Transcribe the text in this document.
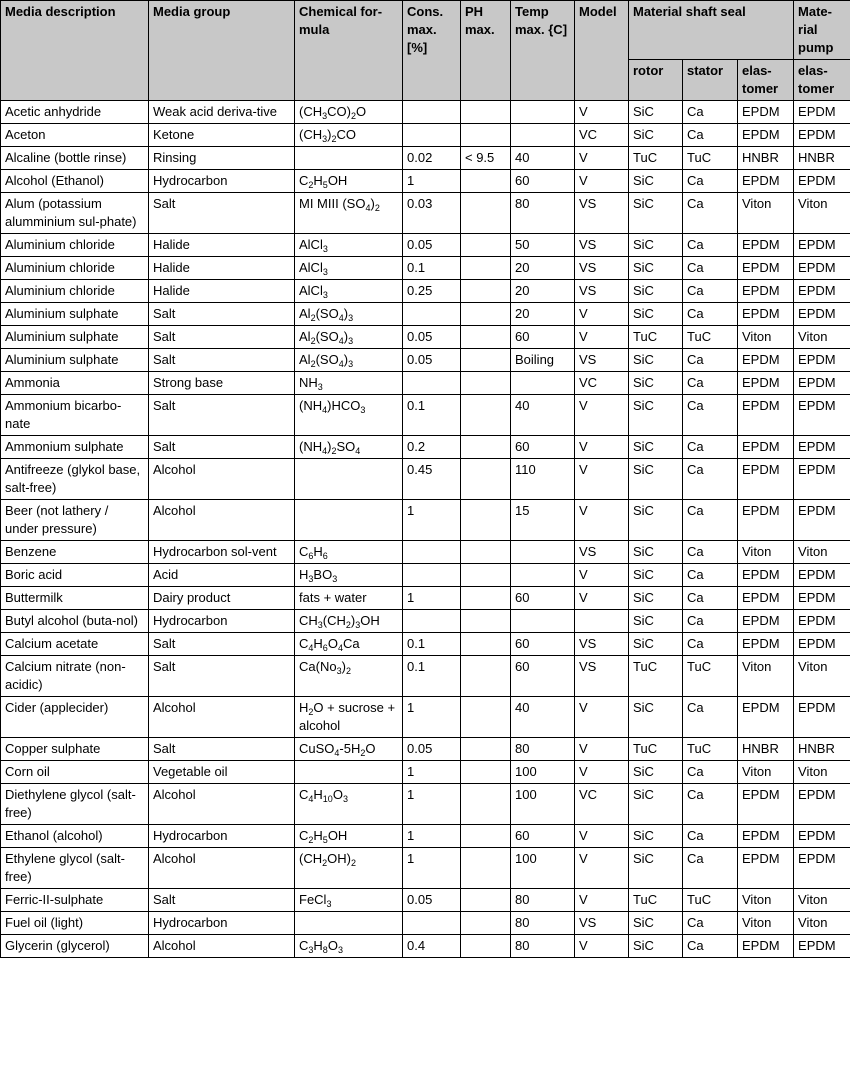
Media description	Media group	Chemical for-mula	Cons. max. [%]	PH max.	Temp max. {C]	Model	Material shaft seal			Mate-rial pump
							rotor	stator	elas-tomer	elas-tomer
Acetic anhydride	Weak acid deriva-tive	$(CH_3CO)_2O$				V	SiC	Ca	EPDM	EPDM
Aceton	Ketone	$(CH_3)_2CO$				VC	SiC	Ca	EPDM	EPDM
Alcaline (bottle rinse)	Rinsing		0.02	< 9.5	40	V	TuC	TuC	HNBR	HNBR
Alcohol (Ethanol)	Hydrocarbon	$C_2H_5OH$	1		60	V	SiC	Ca	EPDM	EPDM
Alum (potassium alumminium sul-phate)	Salt	MI MIII $(SO_4)_2$	0.03		80	VS	SiC	Ca	Viton	Viton
Aluminium chloride	Halide	AlCl$_3$	0.05		50	VS	SiC	Ca	EPDM	EPDM
Aluminium chloride	Halide	AlCl$_3$	0.1		20	VS	SiC	Ca	EPDM	EPDM
Aluminium chloride	Halide	AlCl$_3$	0.25		20	VS	SiC	Ca	EPDM	EPDM
Aluminium sulphate	Salt	$Al_2(SO_4)_3$			20	V	SiC	Ca	EPDM	EPDM
Aluminium sulphate	Salt	$Al_2(SO_4)_3$	0.05		60	V	TuC	TuC	Viton	Viton
Aluminium sulphate	Salt	$Al_2(SO_4)_3$	0.05		Boiling	VS	SiC	Ca	EPDM	EPDM
Ammonia	Strong base	$NH_3$				VC	SiC	Ca	EPDM	EPDM
Ammonium bicarbo-nate	Salt	$(NH_4)HCO_3$	0.1		40	V	SiC	Ca	EPDM	EPDM
Ammonium sulphate	Salt	$(NH_4)_2SO_4$	0.2		60	V	SiC	Ca	EPDM	EPDM
Antifreeze (glykol base, salt-free)	Alcohol		0.45		110	V	SiC	Ca	EPDM	EPDM
Beer (not lathery / under pressure)	Alcohol		1		15	V	SiC	Ca	EPDM	EPDM
Benzene	Hydrocarbon sol-vent	$C_6H_6$				VS	SiC	Ca	Viton	Viton
Boric acid	Acid	$H_3BO_3$				V	SiC	Ca	EPDM	EPDM
Buttermilk	Dairy product	fats + water	1		60	V	SiC	Ca	EPDM	EPDM
Butyl alcohol (buta-nol)	Hydrocarbon	$CH_3(CH_2)_3OH$					SiC	Ca	EPDM	EPDM
Calcium acetate	Salt	$C_4H_6O_4Ca$	0.1		60	VS	SiC	Ca	EPDM	EPDM
Calcium nitrate (non-acidic)	Salt	$Ca(No_3)_2$	0.1		60	VS	TuC	TuC	Viton	Viton
Cider (applecider)	Alcohol	$H_2O$ + sucrose + alcohol	1		40	V	SiC	Ca	EPDM	EPDM
Copper sulphate	Salt	$CuSO_4-5H_2O$	0.05		80	V	TuC	TuC	HNBR	HNBR
Corn oil	Vegetable oil		1		100	V	SiC	Ca	Viton	Viton
Diethylene glycol (salt-free)	Alcohol	$C_4H_{10}O_3$	1		100	VC	SiC	Ca	EPDM	EPDM
Ethanol (alcohol)	Hydrocarbon	$C_2H_5OH$	1		60	V	SiC	Ca	EPDM	EPDM
Ethylene glycol (salt-free)	Alcohol	$(CH_2OH)_2$	1		100	V	SiC	Ca	EPDM	EPDM
Ferric-II-sulphate	Salt	FeCl$_3$	0.05		80	V	TuC	TuC	Viton	Viton
Fuel oil (light)	Hydrocarbon				80	VS	SiC	Ca	Viton	Viton
Glycerin (glycerol)	Alcohol	$C_3H_8O_3$	0.4		80	V	SiC	Ca	EPDM	EPDM
